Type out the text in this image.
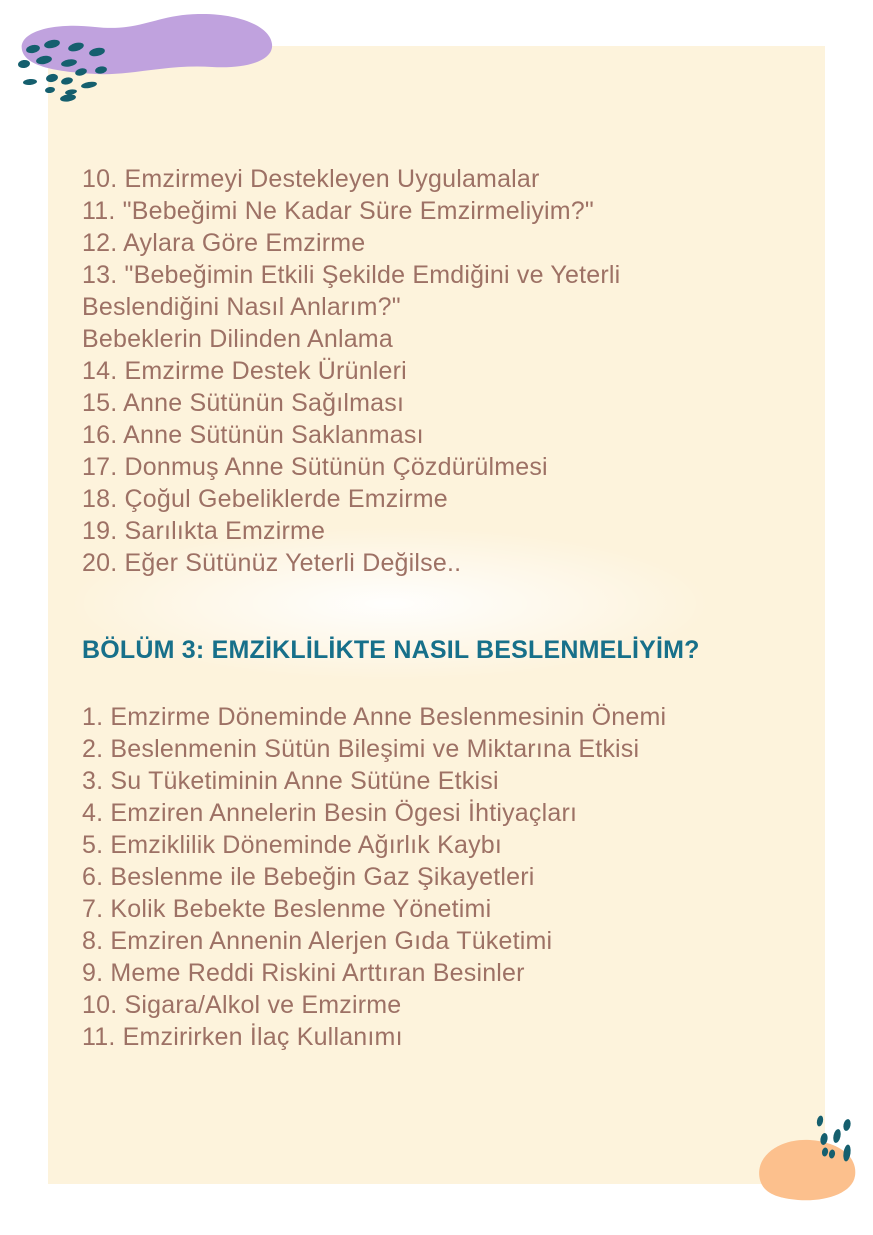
10. Emzirmeyi Destekleyen Uygulamalar
11. "Bebeğimi Ne Kadar Süre Emzirmeliyim?"
12. Aylara Göre Emzirme
13. "Bebeğimin Etkili Şekilde Emdiğini ve Yeterli
Beslendiğini Nasıl Anlarım?"
Bebeklerin Dilinden Anlama
14. Emzirme Destek Ürünleri
15. Anne Sütünün Sağılması
16. Anne Sütünün Saklanması
17. Donmuş Anne Sütünün Çözdürülmesi
18. Çoğul Gebeliklerde Emzirme
19. Sarılıkta Emzirme
20. Eğer Sütünüz Yeterli Değilse..
BÖLÜM 3: EMZİKLİLİKTE NASIL BESLENMELİYİM?
1. Emzirme Döneminde Anne Beslenmesinin Önemi
2. Beslenmenin Sütün Bileşimi ve Miktarına Etkisi
3. Su Tüketiminin Anne Sütüne Etkisi
4. Emziren Annelerin Besin Ögesi İhtiyaçları
5. Emziklilik Döneminde Ağırlık Kaybı
6. Beslenme ile Bebeğin Gaz Şikayetleri
7. Kolik Bebekte Beslenme Yönetimi
8. Emziren Annenin Alerjen Gıda Tüketimi
9. Meme Reddi Riskini Arttıran Besinler
10. Sigara/Alkol ve Emzirme
11. Emzirirken İlaç Kullanımı
